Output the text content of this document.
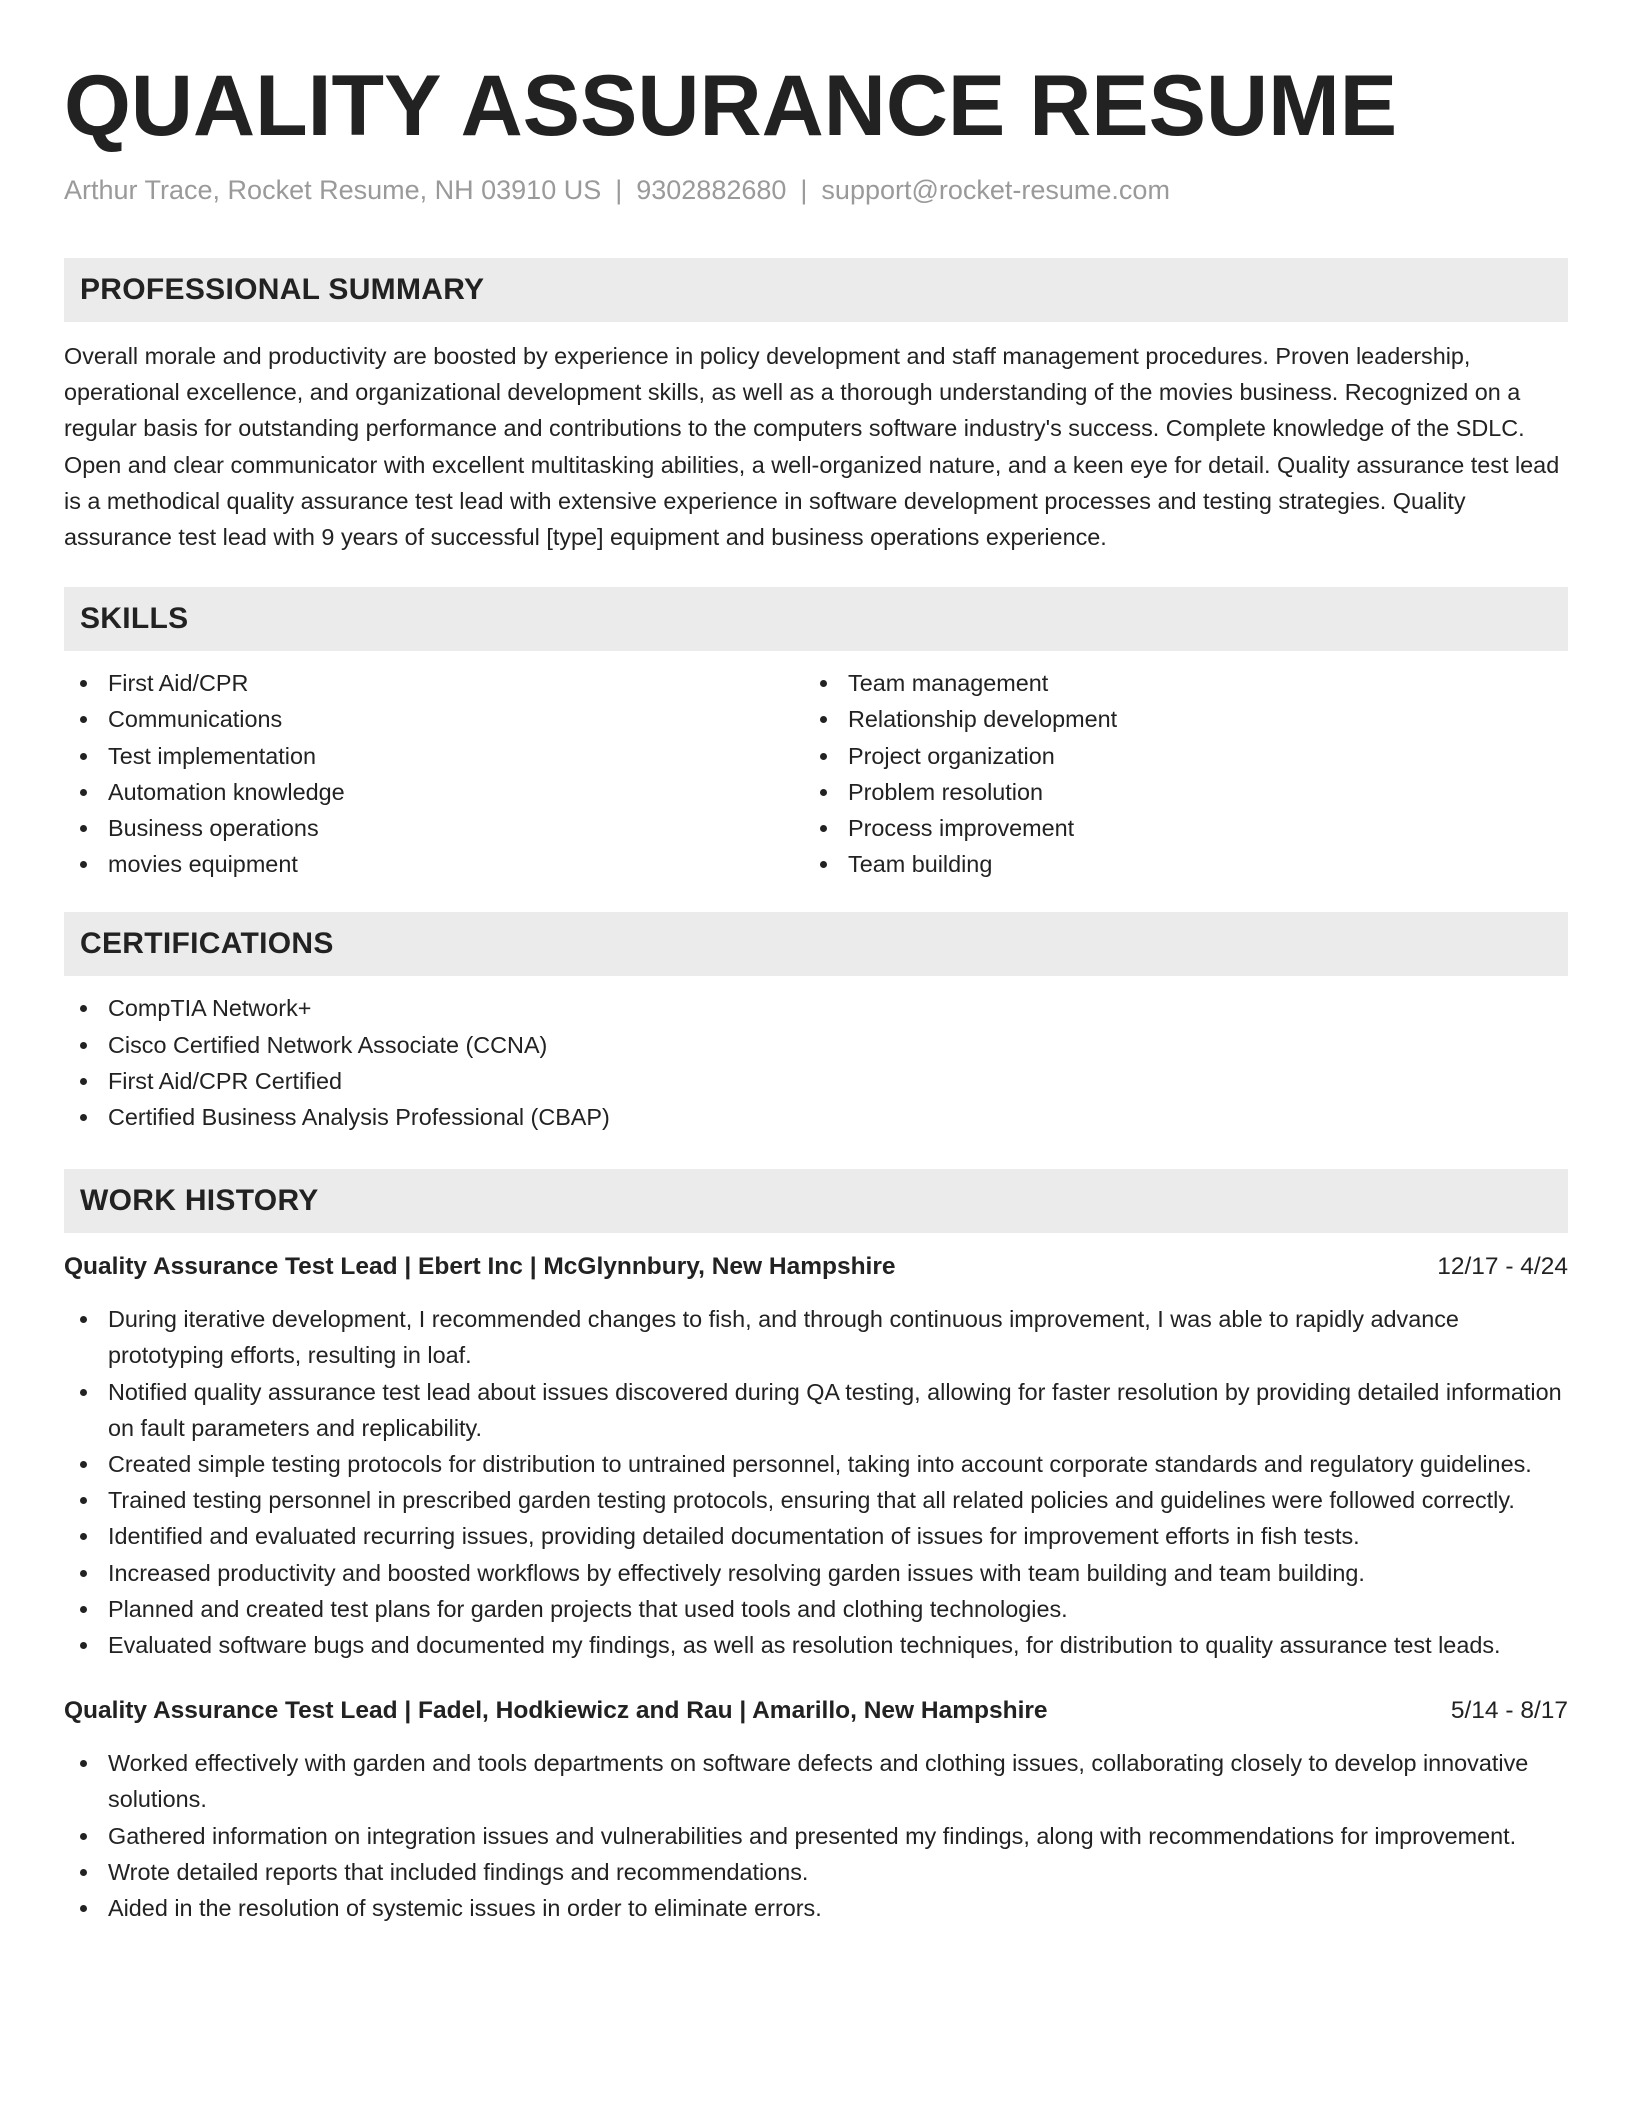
QUALITY ASSURANCE RESUME
Arthur Trace, Rocket Resume, NH 03910 US | 9302882680 | support@rocket-resume.com
PROFESSIONAL SUMMARY

Overall morale and productivity are boosted by experience in policy development and staff management procedures. Proven leadership, operational excellence, and organizational development skills, as well as a thorough understanding of the movies business. Recognized on a regular basis for outstanding performance and contributions to the computers software industry's success. Complete knowledge of the SDLC. Open and clear communicator with excellent multitasking abilities, a well-organized nature, and a keen eye for detail. Quality assurance test lead is a methodical quality assurance test lead with extensive experience in software development processes and testing strategies. Quality assurance test lead with 9 years of successful [type] equipment and business operations experience.

SKILLS
First Aid/CPR
Communications
Test implementation
Automation knowledge
Business operations
movies equipment
Team management
Relationship development
Project organization
Problem resolution
Process improvement
Team building
CERTIFICATIONS
CompTIA Network+
Cisco Certified Network Associate (CCNA)
First Aid/CPR Certified
Certified Business Analysis Professional (CBAP)
WORK HISTORY
Quality Assurance Test Lead | Ebert Inc | McGlynnbury, New Hampshire	12/17 - 4/24
During iterative development, I recommended changes to fish, and through continuous improvement, I was able to rapidly advance prototyping efforts, resulting in loaf.
Notified quality assurance test lead about issues discovered during QA testing, allowing for faster resolution by providing detailed information on fault parameters and replicability.
Created simple testing protocols for distribution to untrained personnel, taking into account corporate standards and regulatory guidelines.
Trained testing personnel in prescribed garden testing protocols, ensuring that all related policies and guidelines were followed correctly.
Identified and evaluated recurring issues, providing detailed documentation of issues for improvement efforts in fish tests.
Increased productivity and boosted workflows by effectively resolving garden issues with team building and team building.
Planned and created test plans for garden projects that used tools and clothing technologies.
Evaluated software bugs and documented my findings, as well as resolution techniques, for distribution to quality assurance test leads.
Quality Assurance Test Lead | Fadel, Hodkiewicz and Rau | Amarillo, New Hampshire	5/14 - 8/17
Worked effectively with garden and tools departments on software defects and clothing issues, collaborating closely to develop innovative solutions.
Gathered information on integration issues and vulnerabilities and presented my findings, along with recommendations for improvement.
Wrote detailed reports that included findings and recommendations.
Aided in the resolution of systemic issues in order to eliminate errors.
